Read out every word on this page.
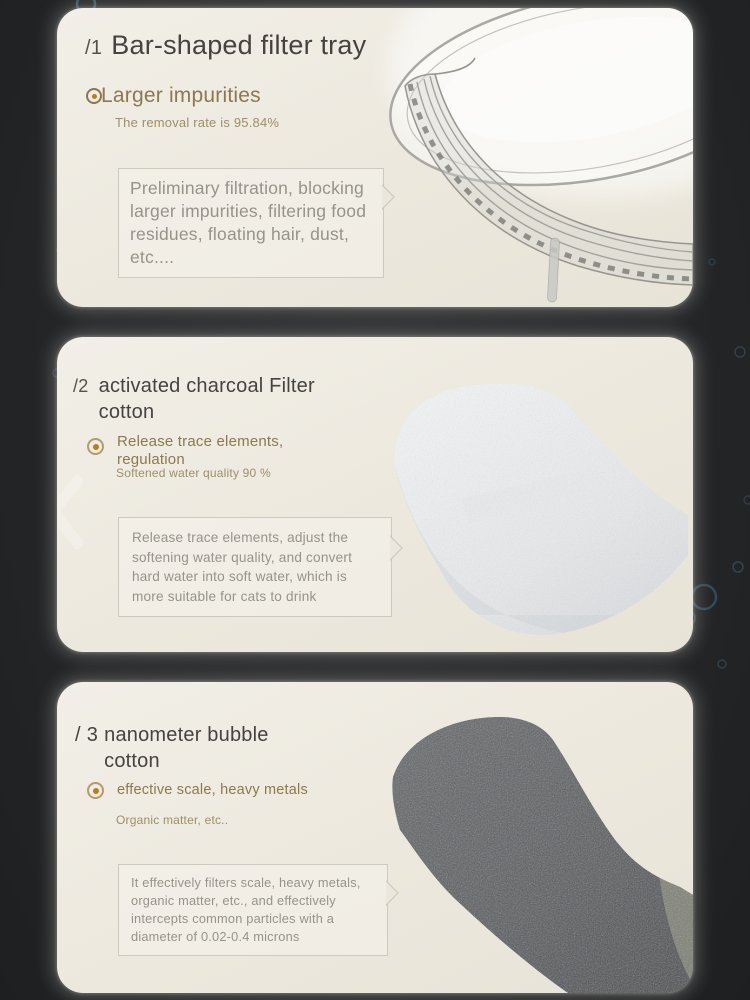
/1 Bar-shaped filter tray
Larger impurities
The removal rate is 95.84%
Preliminary filtration, blocking larger impurities, filtering food residues, floating hair, dust, etc....
/2 activated charcoal Filter cotton
Release trace elements, regulation
Softened water quality 90 %
Release trace elements, adjust the softening water quality, and convert hard water into soft water, which is more suitable for cats to drink
/ 3 nanometer bubble cotton
effective scale, heavy metals
Organic matter, etc..
It effectively filters scale, heavy metals, organic matter, etc., and effectively intercepts common particles with a diameter of 0.02-0.4 microns
